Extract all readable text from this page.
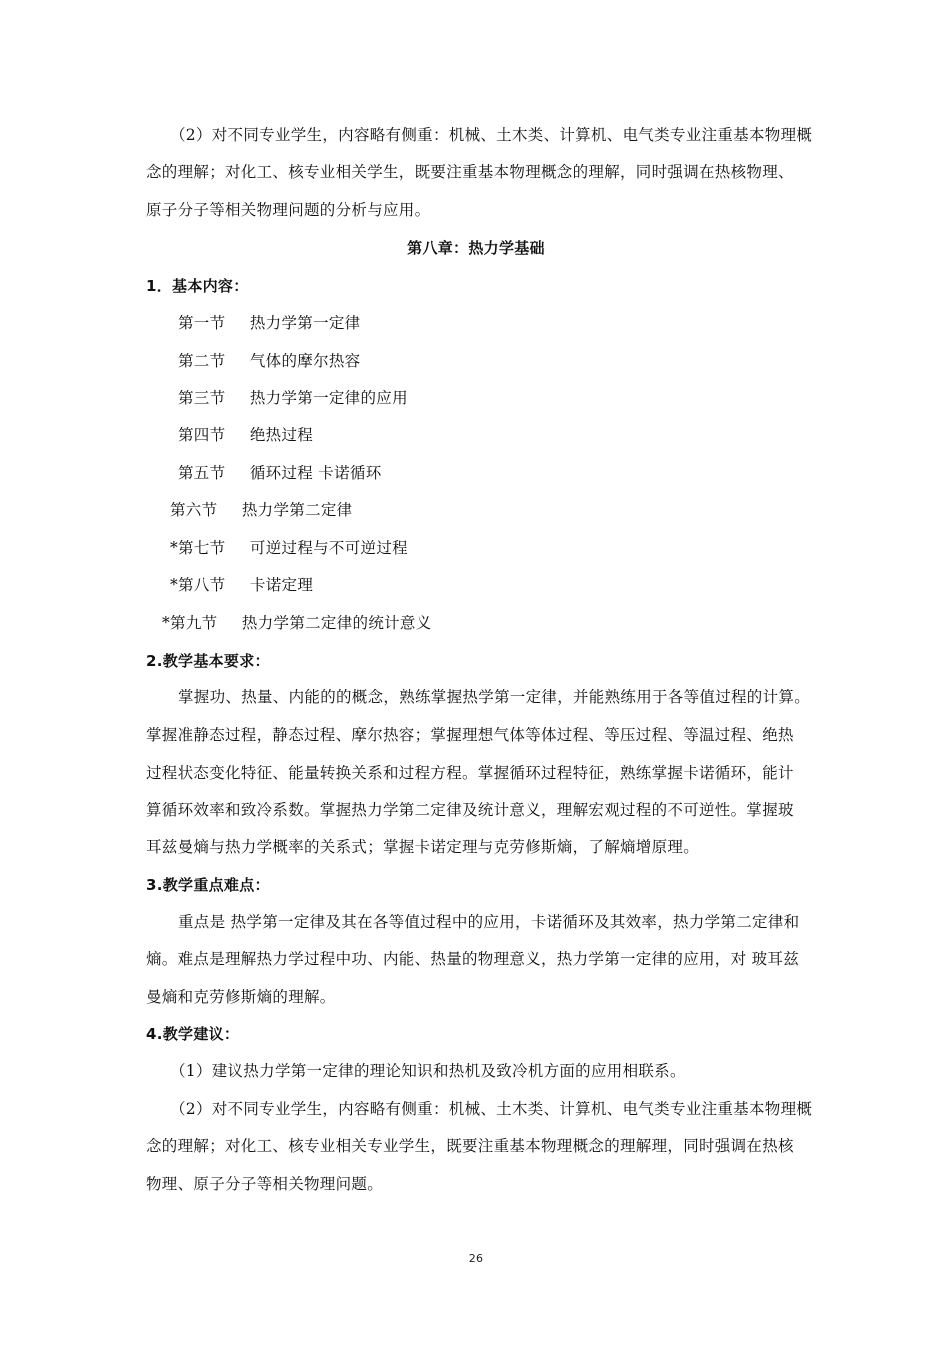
（2）对不同专业学生，内容略有侧重：机械、土木类、计算机、电气类专业注重基本物理概
念的理解；对化工、核专业相关学生，既要注重基本物理概念的理解，同时强调在热核物理、
原子分子等相关物理问题的分析与应用。
第八章：热力学基础
1．基本内容：
第一节 热力学第一定律
第二节 气体的摩尔热容
第三节 热力学第一定律的应用
第四节 绝热过程
第五节 循环过程 卡诺循环
第六节 热力学第二定律
*第七节 可逆过程与不可逆过程
*第八节 卡诺定理
*第九节 热力学第二定律的统计意义
2.教学基本要求：
掌握功、热量、内能的的概念，熟练掌握热学第一定律，并能熟练用于各等值过程的计算。
掌握准静态过程，静态过程、摩尔热容；掌握理想气体等体过程、等压过程、等温过程、绝热
过程状态变化特征、能量转换关系和过程方程。掌握循环过程特征，熟练掌握卡诺循环，能计
算循环效率和致冷系数。掌握热力学第二定律及统计意义，理解宏观过程的不可逆性。掌握玻
耳兹曼熵与热力学概率的关系式；掌握卡诺定理与克劳修斯熵，了解熵增原理。
3.教学重点难点：
重点是 热学第一定律及其在各等值过程中的应用，卡诺循环及其效率，热力学第二定律和
熵。难点是理解热力学过程中功、内能、热量的物理意义，热力学第一定律的应用，对 玻耳兹
曼熵和克劳修斯熵的理解。
4.教学建议：
（1）建议热力学第一定律的理论知识和热机及致冷机方面的应用相联系。
（2）对不同专业学生，内容略有侧重：机械、土木类、计算机、电气类专业注重基本物理概
念的理解；对化工、核专业相关专业学生，既要注重基本物理概念的理解理，同时强调在热核
物理、原子分子等相关物理问题。
26
